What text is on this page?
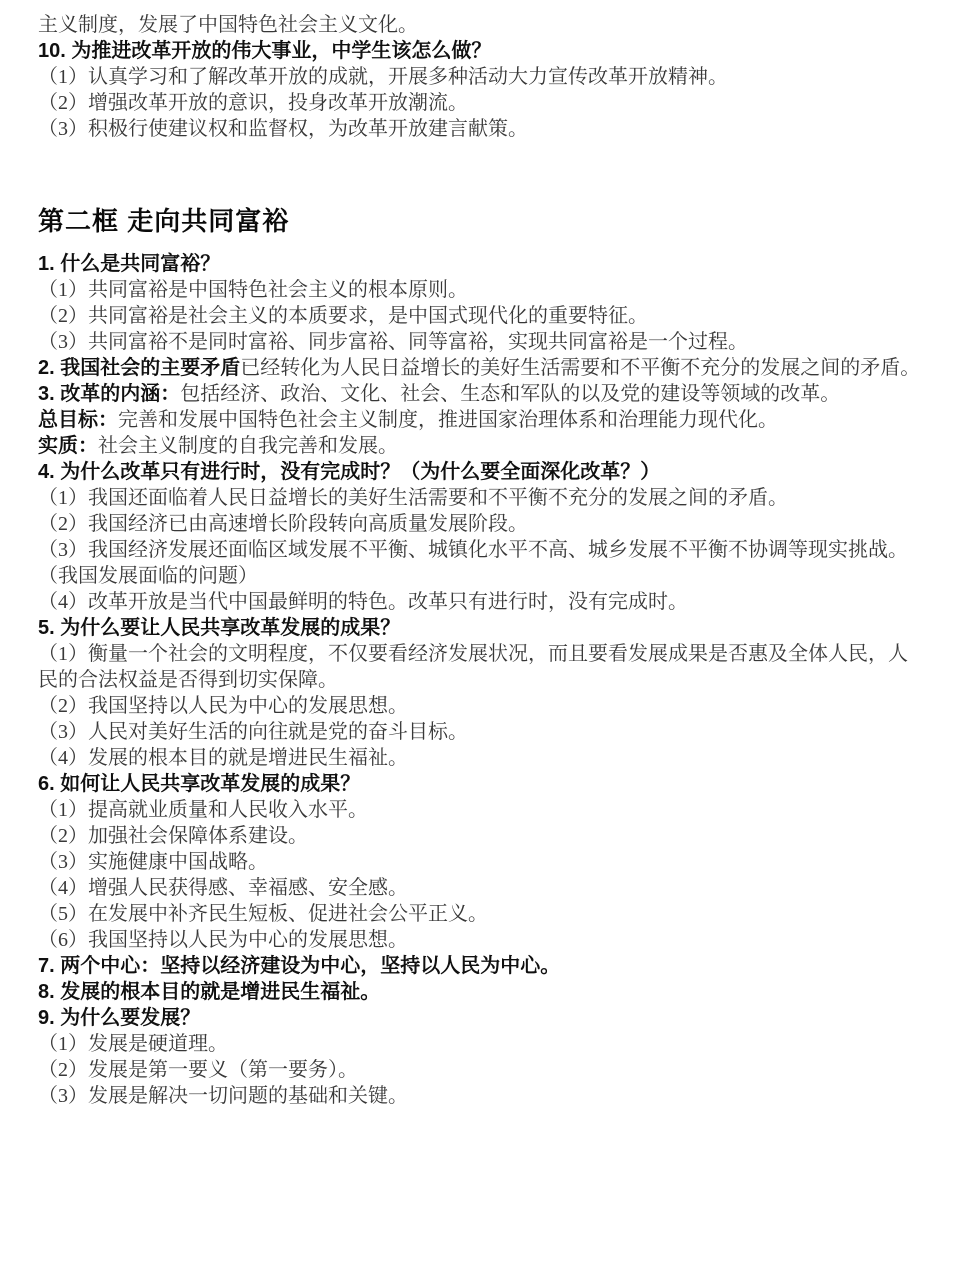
主义制度，发展了中国特色社会主义文化。

10. 为推进改革开放的伟大事业，中学生该怎么做？

（1）认真学习和了解改革开放的成就，开展多种活动大力宣传改革开放精神。

（2）增强改革开放的意识，投身改革开放潮流。

（3）积极行使建议权和监督权，为改革开放建言献策。

第二框 走向共同富裕

1. 什么是共同富裕？

（1）共同富裕是中国特色社会主义的根本原则。

（2）共同富裕是社会主义的本质要求，是中国式现代化的重要特征。

（3）共同富裕不是同时富裕、同步富裕、同等富裕，实现共同富裕是一个过程。

2. 我国社会的主要矛盾已经转化为人民日益增长的美好生活需要和不平衡不充分的发展之间的矛盾。

3. 改革的内涵：包括经济、政治、文化、社会、生态和军队的以及党的建设等领域的改革。

总目标：完善和发展中国特色社会主义制度，推进国家治理体系和治理能力现代化。

实质：社会主义制度的自我完善和发展。

4. 为什么改革只有进行时，没有完成时？（为什么要全面深化改革？）

（1）我国还面临着人民日益增长的美好生活需要和不平衡不充分的发展之间的矛盾。

（2）我国经济已由高速增长阶段转向高质量发展阶段。

（3）我国经济发展还面临区域发展不平衡、城镇化水平不高、城乡发展不平衡不协调等现实挑战。（我国发展面临的问题）

（4）改革开放是当代中国最鲜明的特色。改革只有进行时，没有完成时。

5. 为什么要让人民共享改革发展的成果？

（1）衡量一个社会的文明程度，不仅要看经济发展状况，而且要看发展成果是否惠及全体人民，人民的合法权益是否得到切实保障。

（2）我国坚持以人民为中心的发展思想。

（3）人民对美好生活的向往就是党的奋斗目标。

（4）发展的根本目的就是增进民生福祉。

6. 如何让人民共享改革发展的成果？

（1）提高就业质量和人民收入水平。

（2）加强社会保障体系建设。

（3）实施健康中国战略。

（4）增强人民获得感、幸福感、安全感。

（5）在发展中补齐民生短板、促进社会公平正义。

（6）我国坚持以人民为中心的发展思想。

7. 两个中心：坚持以经济建设为中心，坚持以人民为中心。

8. 发展的根本目的就是增进民生福祉。

9. 为什么要发展？

（1）发展是硬道理。

（2）发展是第一要义（第一要务）。

（3）发展是解决一切问题的基础和关键。
